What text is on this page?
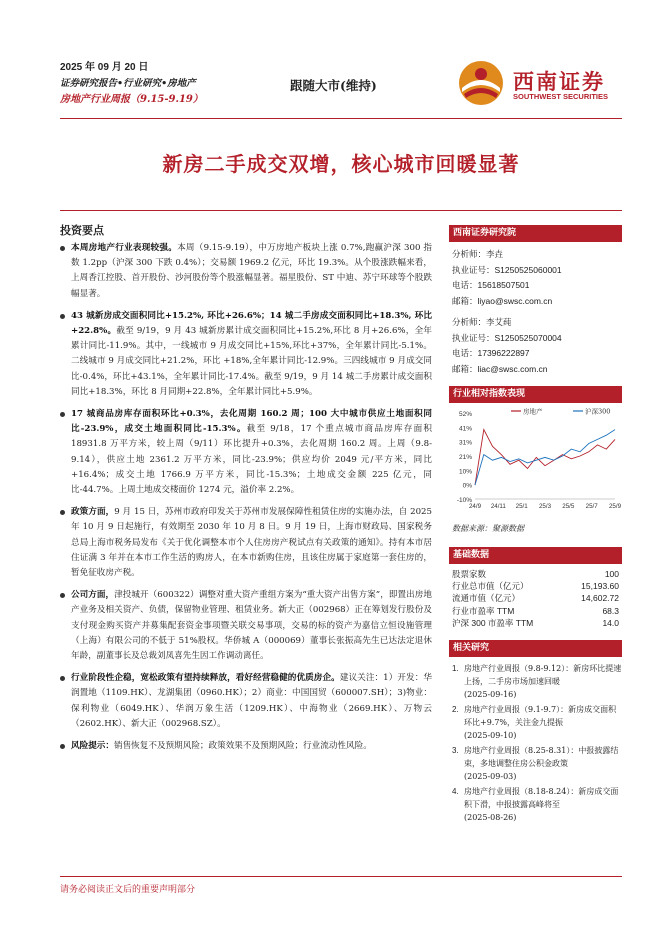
2025 年 09 月 20 日
证券研究报告•行业研究•房地产
房地产行业周报（9.15-9.19）
跟随大市(维持)	西南证券
SOUTHWEST SECURITIES
新房二手成交双增，核心城市回暖显著
投资要点
本周房地产行业表现较强。本周（9.15-9.19），中万房地产板块上涨 0.7%,跑赢沪深 300 指数 1.2pp（沪深 300 下跌 0.4%）；交易额 1969.2 亿元，环比 19.3%。从个股涨跌幅来看，上周香江控股、首开股份、沙河股份等个股涨幅显著。福星股份、ST 中迪、苏宁环球等个股跌幅显著。
43 城新房成交面积同比+15.2%, 环比+26.6%；14 城二手房成交面积同比+18.3%, 环比+22.8%。截至 9/19，9 月 43 城新房累计成交面积同比+15.2%,环比 8 月+26.6%，全年累计同比-11.9%。其中，一线城市 9 月成交同比+15%,环比+37%，全年累计同比-5.1%。二线城市 9 月成交同比+21.2%，环比 +18%,全年累计同比-12.9%。三四线城市 9 月成交同比-0.4%，环比+43.1%，全年累计同比-17.4%。截至 9/19，9 月 14 城二手房累计成交面积同比+18.3%，环比 8 月同期+22.8%，全年累计同比+5.9%。
17 城商品房库存面积环比+0.3%，去化周期 160.2 周；100 大中城市供应土地面积同比-23.9%，成交土地面积同比-15.3%。截至 9/18，17 个重点城市商品房库存面积 18931.8 万平方米，较上周（9/11）环比提升+0.3%，去化周期 160.2 周。上周（9.8-9.14），供应土地 2361.2 万平方米，同比-23.9%；供应均价 2049 元/平方米，同比+16.4%；成交土地 1766.9 万平方米，同比-15.3%；土地成交金额 225 亿元，同比-44.7%。上周土地成交楼面价 1274 元，溢价率 2.2%。
政策方面，9 月 15 日，苏州市政府印发关于苏州市发展保障性租赁住房的实施办法，自 2025 年 10 月 9 日起施行，有效期至 2030 年 10 月 8 日。9 月 19 日，上海市财政局、国家税务总局上海市税务局发布《关于优化调整本市个人住房房产税试点有关政策的通知》。持有本市居住证满 3 年并在本市工作生活的购房人，在本市新购住房，且该住房属于家庭第一套住房的，暂免征收房产税。
公司方面，津投城开（600322）调整对重大资产重组方案为“重大资产出售方案”，即置出房地产业务及相关资产、负债，保留物业管理、租赁业务。新大正（002968）正在筹划发行股份及支付现金购买资产并募集配套资金事项暨关联交易事项，交易的标的资产为嘉信立恒设施管理（上海）有限公司的不低于 51%股权。华侨城 A（000069）董事长张振高先生已达法定退休年龄，副董事长及总裁刘凤喜先生因工作调动离任。
行业阶段性企稳，宽松政策有望持续释放，看好经营稳健的优质房企。建议关注：1）开发：华润置地（1109.HK）、龙湖集团（0960.HK）；2）商业：中国国贸（600007.SH）；3)物业：保利物业（6049.HK）、华润万象生活（1209.HK）、中海物业（2669.HK）、万物云（2602.HK）、新大正（002968.SZ）。
风险提示：销售恢复不及预期风险；政策效果不及预期风险；行业流动性风险。
西南证券研究院
分析师：李垚
执业证号：S1250525060001
电话：15618507501
邮箱：liyao@swsc.com.cn
分析师：李艾莼
执业证号：S1250525070004
电话：17396222897
邮箱：liac@swsc.com.cn
行业相对指数表现
52%
41%
31%
21%
10%
0%
-10%
24/9 24/11 25/1 25/3 25/5 25/7 25/9
房地产	沪深300
数据来源：聚源数据
基础数据
股票家数	100
行业总市值（亿元）	15,193.60
流通市值（亿元）	14,602.72
行业市盈率 TTM	68.3
沪深 300 市盈率 TTM	14.0
相关研究
1. 房地产行业周报（9.8-9.12）：新房环比提速上扬，二手房市场加速回暖
(2025-09-16)
2. 房地产行业周报（9.1-9.7）：新房成交面积环比+9.7%，关注金九提振
(2025-09-10)
3. 房地产行业周报（8.25-8.31）：中报披露结束，多地调整住房公积金政策
(2025-09-03)
4. 房地产行业周报（8.18-8.24）：新房成交面积下滑，中报披露高峰将至
(2025-08-26)
请务必阅读正文后的重要声明部分
